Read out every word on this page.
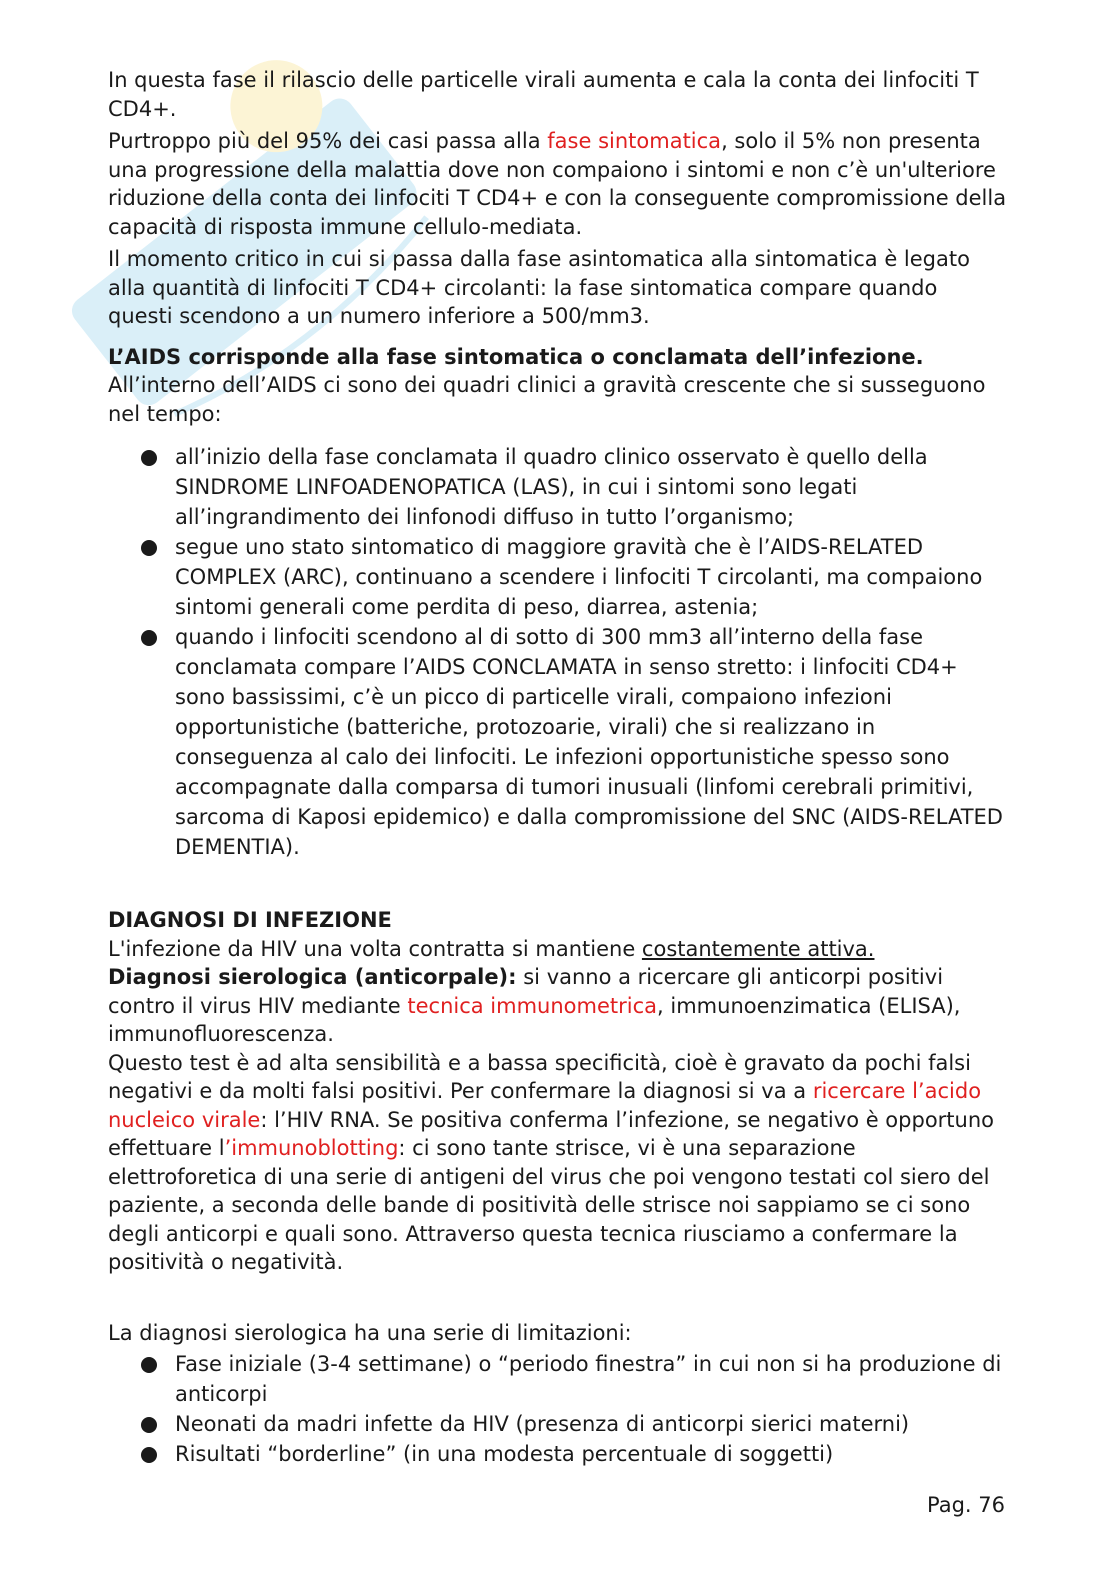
In questa fase il rilascio delle particelle virali aumenta e cala la conta dei linfociti T CD4+.

Purtroppo più del 95% dei casi passa alla fase sintomatica, solo il 5% non presenta una progressione della malattia dove non compaiono i sintomi e non c’è un'ulteriore riduzione della conta dei linfociti T CD4+ e con la conseguente compromissione della capacità di risposta immune cellulo-mediata.

Il momento critico in cui si passa dalla fase asintomatica alla sintomatica è legato alla quantità di linfociti T CD4+ circolanti: la fase sintomatica compare quando questi scendono a un numero inferiore a 500/mm3.

L’AIDS corrisponde alla fase sintomatica o conclamata dell’infezione.

All’interno dell’AIDS ci sono dei quadri clinici a gravità crescente che si susseguono nel tempo:

all’inizio della fase conclamata il quadro clinico osservato è quello della SINDROME LINFOADENOPATICA (LAS), in cui i sintomi sono legati all’ingrandimento dei linfonodi diffuso in tutto l’organismo;
segue uno stato sintomatico di maggiore gravità che è l’AIDS-RELATED COMPLEX (ARC), continuano a scendere i linfociti T circolanti, ma compaiono sintomi generali come perdita di peso, diarrea, astenia;
quando i linfociti scendono al di sotto di 300 mm3 all’interno della fase conclamata compare l’AIDS CONCLAMATA in senso stretto: i linfociti CD4+ sono bassissimi, c’è un picco di particelle virali, compaiono infezioni opportunistiche (batteriche, protozoarie, virali) che si realizzano in conseguenza al calo dei linfociti. Le infezioni opportunistiche spesso sono accompagnate dalla comparsa di tumori inusuali (linfomi cerebrali primitivi, sarcoma di Kaposi epidemico) e dalla compromissione del SNC (AIDS-RELATED DEMENTIA).

DIAGNOSI DI INFEZIONE

L'infezione da HIV una volta contratta si mantiene costantemente attiva.

Diagnosi sierologica (anticorpale): si vanno a ricercare gli anticorpi positivi contro il virus HIV mediante tecnica immunometrica, immunoenzimatica (ELISA), immunofluorescenza.

Questo test è ad alta sensibilità e a bassa specificità, cioè è gravato da pochi falsi negativi e da molti falsi positivi. Per confermare la diagnosi si va a ricercare l’acido nucleico virale: l’HIV RNA. Se positiva conferma l’infezione, se negativo è opportuno effettuare l’immunoblotting: ci sono tante strisce, vi è una separazione elettroforetica di una serie di antigeni del virus che poi vengono testati col siero del paziente, a seconda delle bande di positività delle strisce noi sappiamo se ci sono degli anticorpi e quali sono. Attraverso questa tecnica riusciamo a confermare la positività o negatività.

La diagnosi sierologica ha una serie di limitazioni:

Fase iniziale (3-4 settimane) o “periodo finestra” in cui non si ha produzione di anticorpi
Neonati da madri infette da HIV (presenza di anticorpi sierici materni)
Risultati “borderline” (in una modesta percentuale di soggetti)
Pag. 76
